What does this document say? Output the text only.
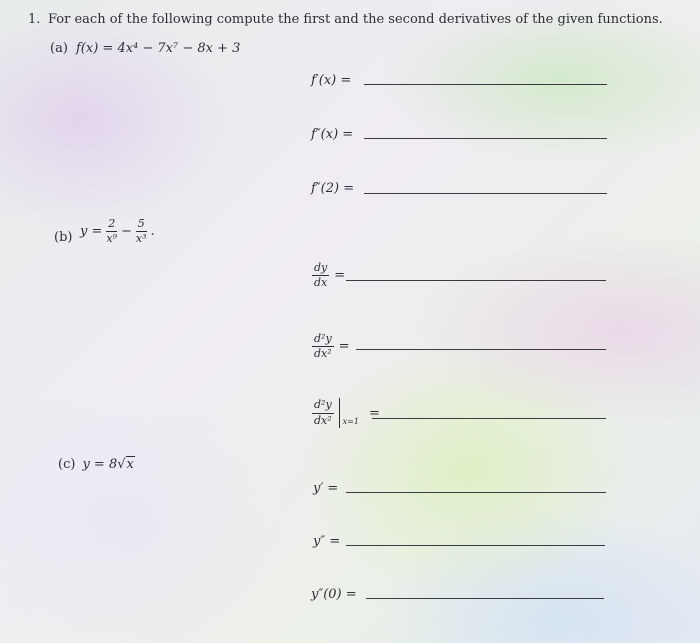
1. For each of the following compute the first and the second derivatives of the given functions.
(a) f(x) = 4x⁴ − 7x⁷ − 8x + 3
f′(x) =
f″(x) =
f″(2) =
(b) $y = \frac{2}{\text{x⁹}} - \frac{5}{\text{x³}}$ .
$\frac{dy}{dx}$ =
$\frac{\text{d²y}}{\text{dx²}}$ =
$\frac{\text{d²y}}{\text{dx²}} x=1$
=
(c) y = 8 √ x
y′ =
y″ =
y″(0) =
